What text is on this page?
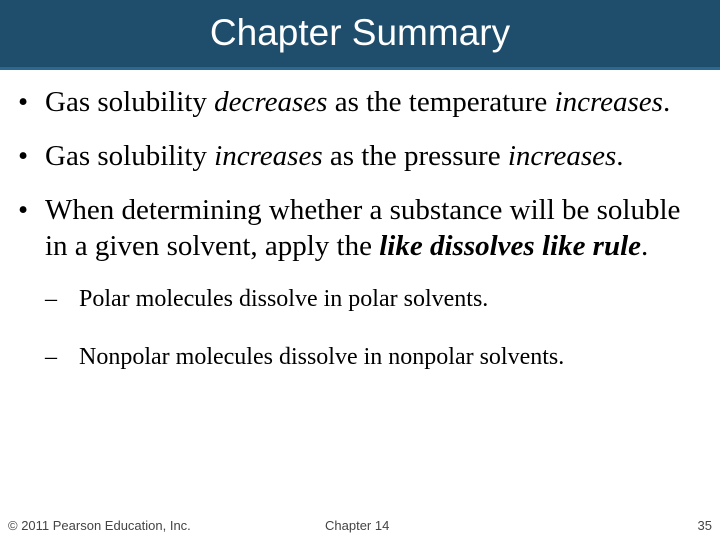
Chapter Summary
• Gas solubility decreases as the temperature increases.
• Gas solubility increases as the pressure increases.
• When determining whether a substance will be soluble in a given solvent, apply the like dissolves like rule.
– Polar molecules dissolve in polar solvents.
– Nonpolar molecules dissolve in nonpolar solvents.
© 2011 Pearson Education, Inc.	Chapter 14	35
